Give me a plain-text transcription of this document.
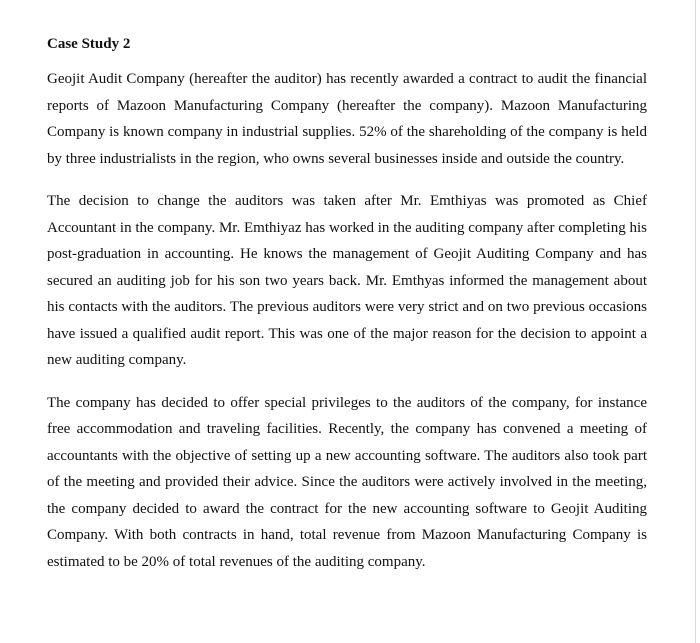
Case Study 2

Geojit Audit Company (hereafter the auditor) has recently awarded a contract to audit the financial reports of Mazoon Manufacturing Company (hereafter the company). Mazoon Manufacturing Company is known company in industrial supplies. 52% of the shareholding of the company is held by three industrialists in the region, who owns several businesses inside and outside the country.

The decision to change the auditors was taken after Mr. Emthiyas was promoted as Chief Accountant in the company. Mr. Emthiyaz has worked in the auditing company after completing his post-graduation in accounting. He knows the management of Geojit Auditing Company and has secured an auditing job for his son two years back. Mr. Emthyas informed the management about his contacts with the auditors. The previous auditors were very strict and on two previous occasions have issued a qualified audit report. This was one of the major reason for the decision to appoint a new auditing company.

The company has decided to offer special privileges to the auditors of the company, for instance free accommodation and traveling facilities. Recently, the company has convened a meeting of accountants with the objective of setting up a new accounting software. The auditors also took part of the meeting and provided their advice. Since the auditors were actively involved in the meeting, the company decided to award the contract for the new accounting software to Geojit Auditing Company. With both contracts in hand, total revenue from Mazoon Manufacturing Company is estimated to be 20% of total revenues of the auditing company.
